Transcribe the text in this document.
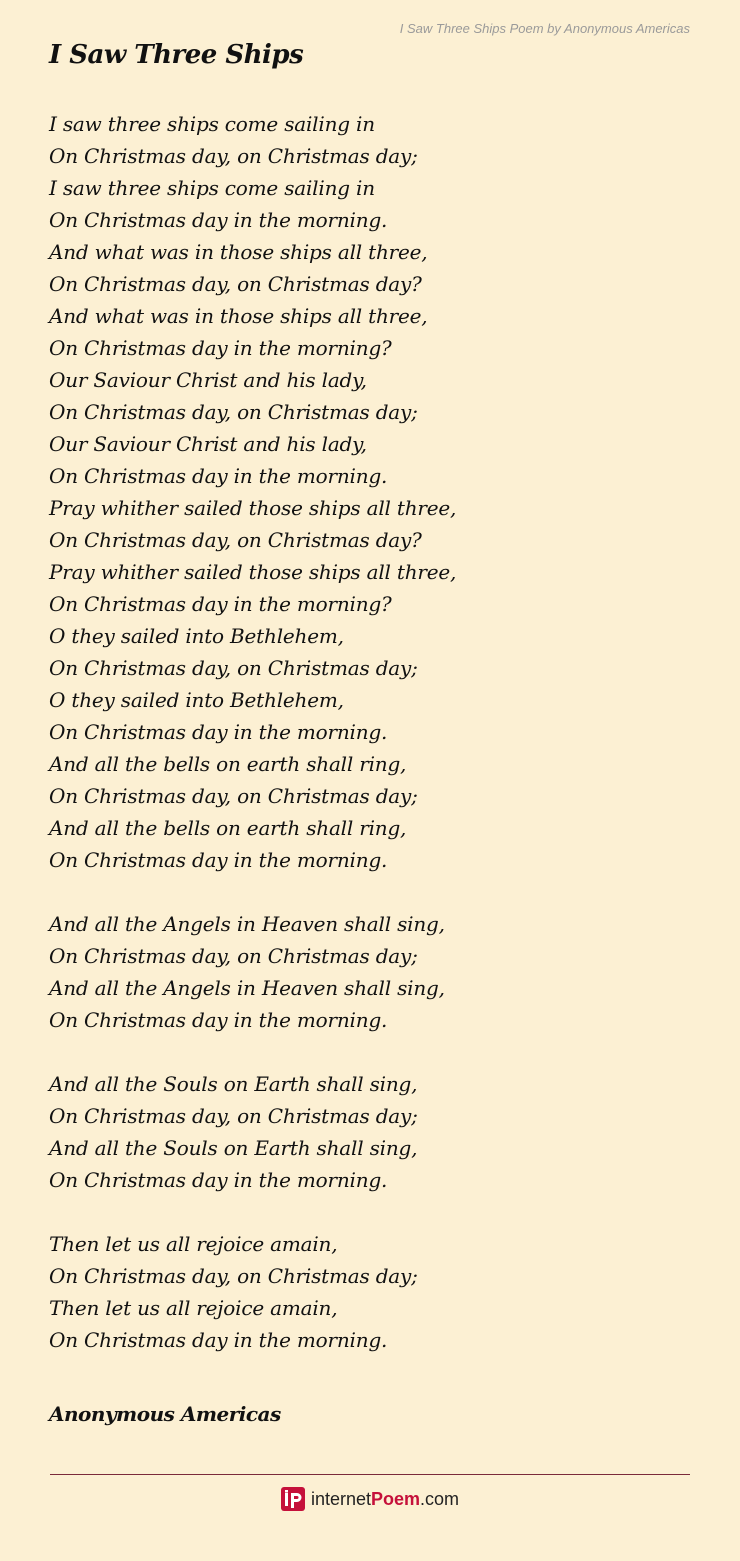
I Saw Three Ships Poem by Anonymous Americas
I Saw Three Ships
I saw three ships come sailing in
On Christmas day, on Christmas day;
I saw three ships come sailing in
On Christmas day in the morning.
And what was in those ships all three,
On Christmas day, on Christmas day?
And what was in those ships all three,
On Christmas day in the morning?
Our Saviour Christ and his lady,
On Christmas day, on Christmas day;
Our Saviour Christ and his lady,
On Christmas day in the morning.
Pray whither sailed those ships all three,
On Christmas day, on Christmas day?
Pray whither sailed those ships all three,
On Christmas day in the morning?
O they sailed into Bethlehem,
On Christmas day, on Christmas day;
O they sailed into Bethlehem,
On Christmas day in the morning.
And all the bells on earth shall ring,
On Christmas day, on Christmas day;
And all the bells on earth shall ring,
On Christmas day in the morning.
And all the Angels in Heaven shall sing,
On Christmas day, on Christmas day;
And all the Angels in Heaven shall sing,
On Christmas day in the morning.
And all the Souls on Earth shall sing,
On Christmas day, on Christmas day;
And all the Souls on Earth shall sing,
On Christmas day in the morning.
Then let us all rejoice amain,
On Christmas day, on Christmas day;
Then let us all rejoice amain,
On Christmas day in the morning.
Anonymous Americas
internetPoem.com
